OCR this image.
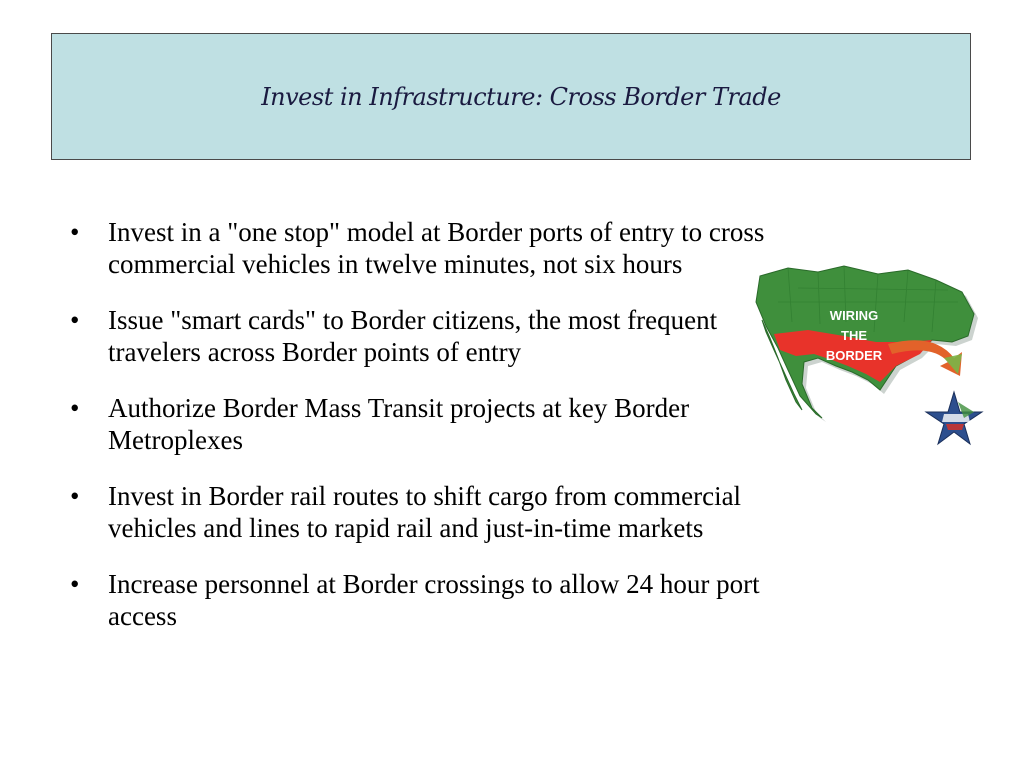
Invest in Infrastructure: Cross Border Trade
• Invest in a "one stop" model at Border ports of entry to cross commercial vehicles in twelve minutes, not six hours
• Issue "smart cards" to Border citizens, the most frequent travelers across Border points of entry
• Authorize Border Mass Transit projects at key Border Metroplexes
• Invest in Border rail routes to shift cargo from commercial vehicles and lines to rapid rail and just-in-time markets
• Increase personnel at Border crossings to allow 24 hour port access
WIRING
THE
BORDER
